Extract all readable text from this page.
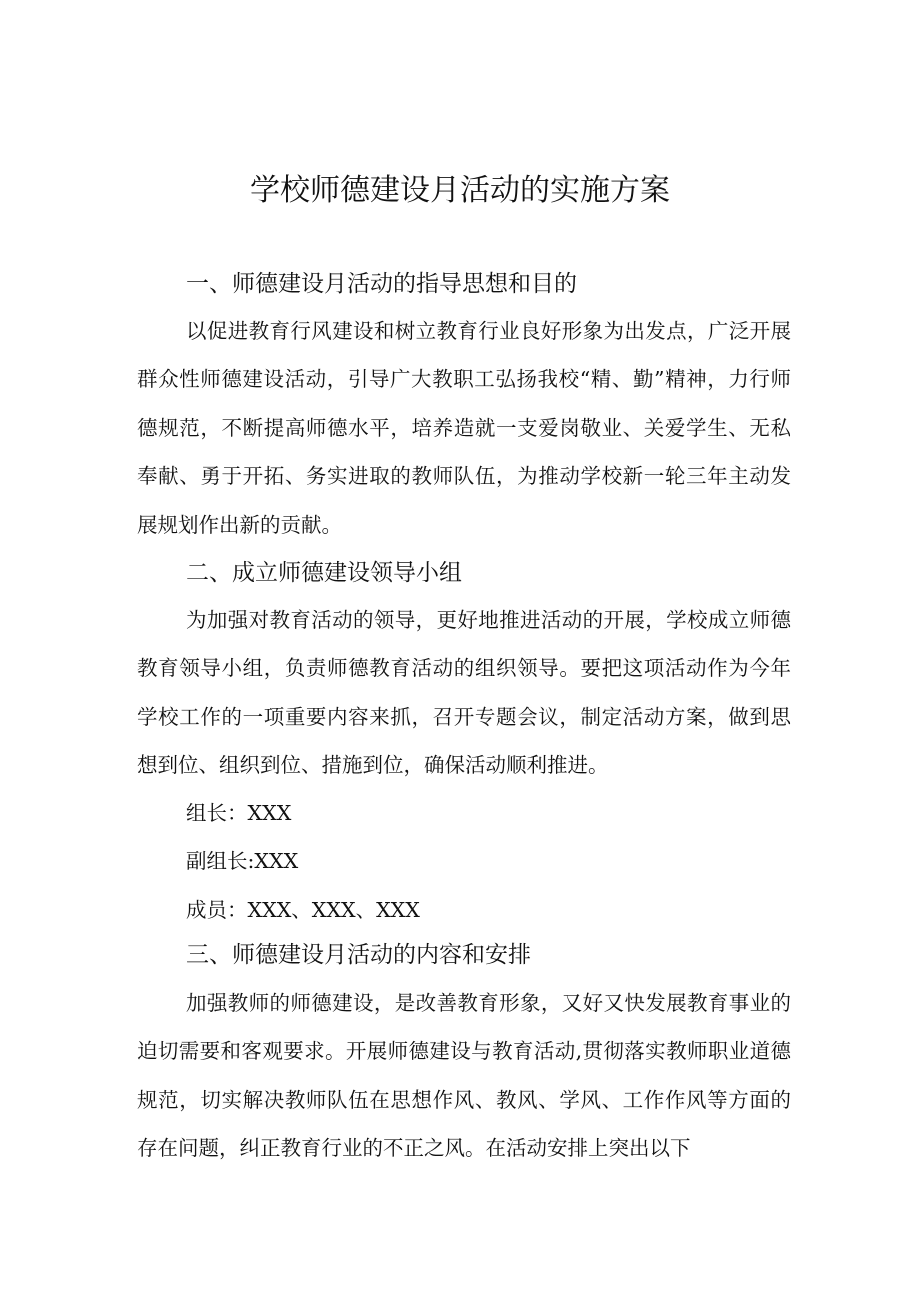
学校师德建设月活动的实施方案
一、师德建设月活动的指导思想和目的

以促进教育行风建设和树立教育行业良好形象为出发点，广泛开展群众性师德建设活动，引导广大教职工弘扬我校“精、勤”精神，力行师德规范，不断提高师德水平，培养造就一支爱岗敬业、关爱学生、无私奉献、勇于开拓、务实进取的教师队伍，为推动学校新一轮三年主动发展规划作出新的贡献。

二、成立师德建设领导小组

为加强对教育活动的领导，更好地推进活动的开展，学校成立师德教育领导小组，负责师德教育活动的组织领导。要把这项活动作为今年学校工作的一项重要内容来抓，召开专题会议，制定活动方案，做到思想到位、组织到位、措施到位，确保活动顺利推进。

组长：XXX
副组长:XXX
成员：XXX、XXX、XXX
三、师德建设月活动的内容和安排

加强教师的师德建设，是改善教育形象，又好又快发展教育事业的迫切需要和客观要求。开展师德建设与教育活动,贯彻落实教师职业道德规范，切实解决教师队伍在思想作风、教风、学风、工作作风等方面的存在问题，纠正教育行业的不正之风。在活动安排上突出以下
